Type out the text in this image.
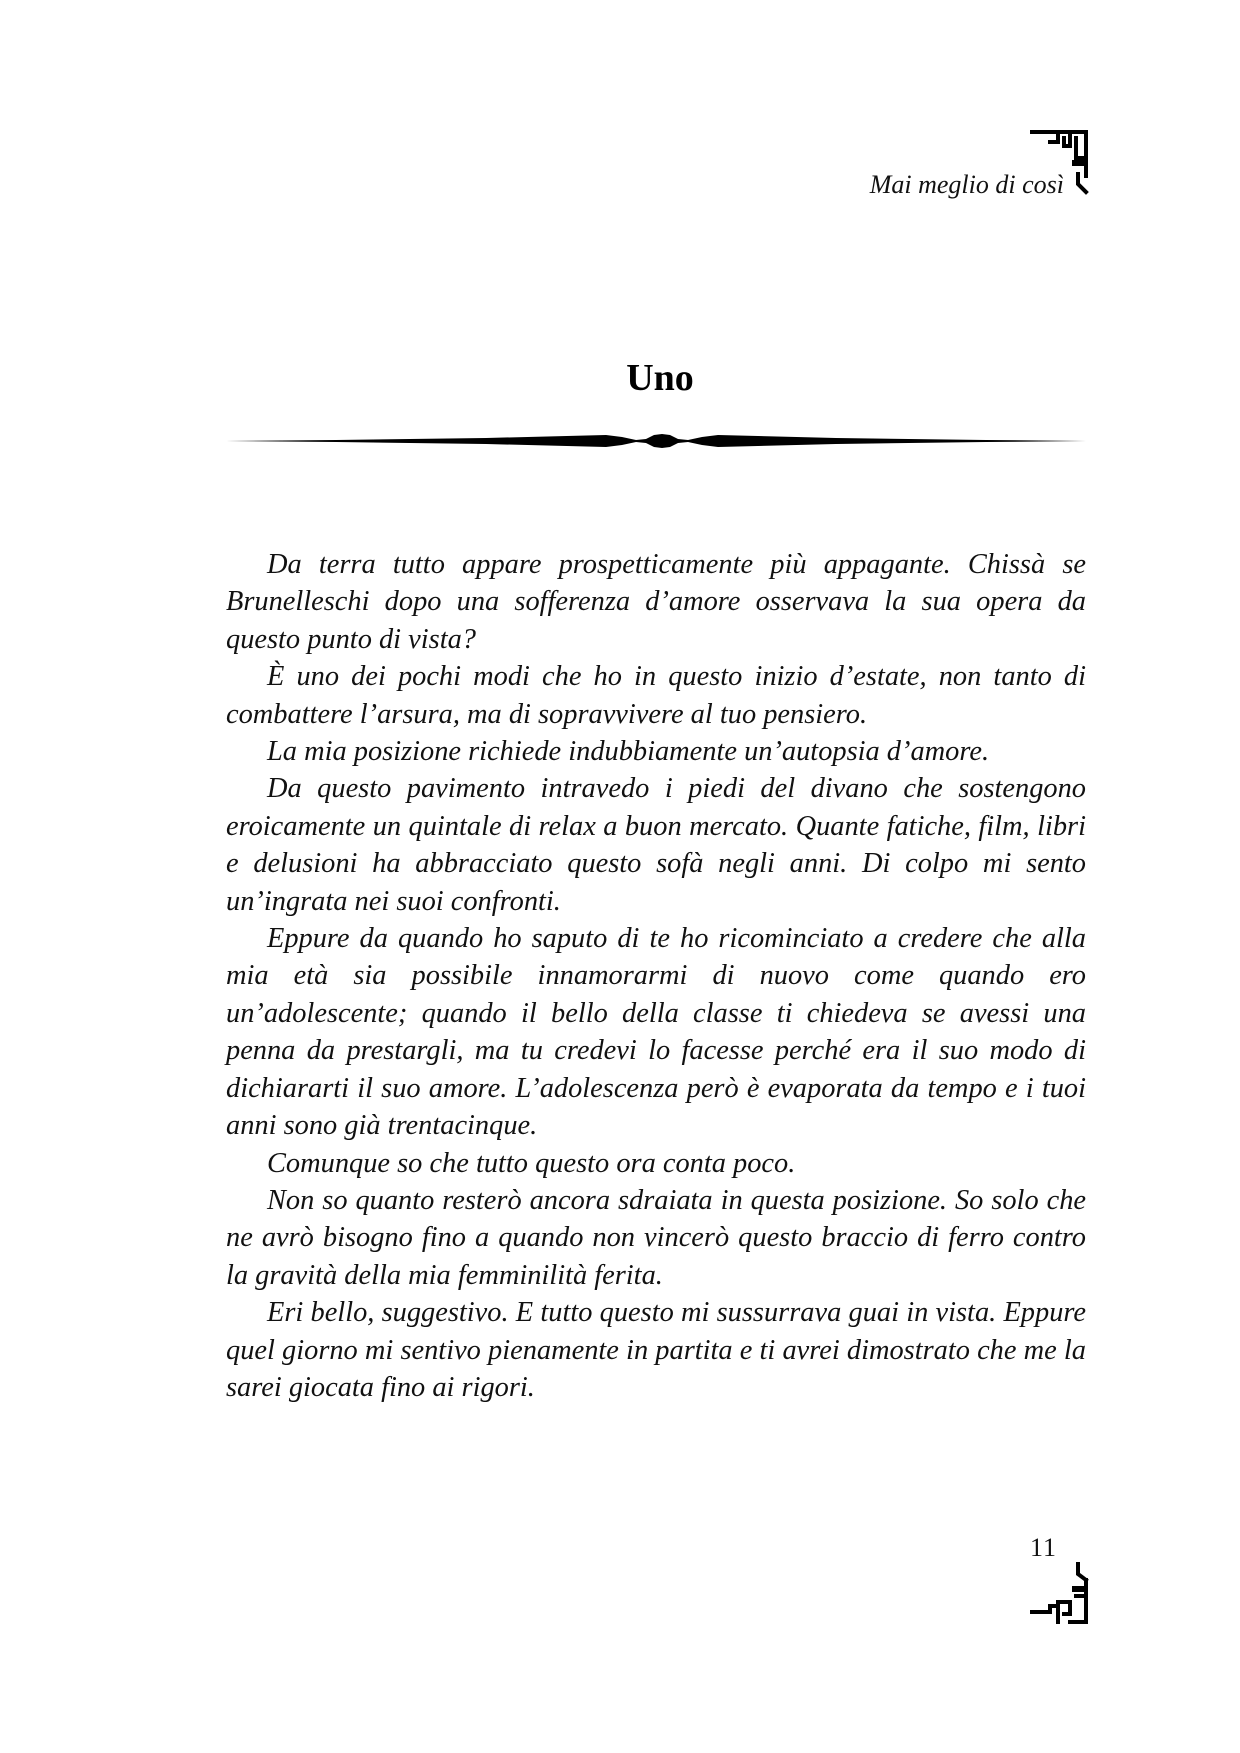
Mai meglio di così
Uno

Da terra tutto appare prospetticamente più appagante. Chissà se Brunelleschi dopo una sofferenza d’amore osservava la sua opera da questo punto di vista?

È uno dei pochi modi che ho in questo inizio d’estate, non tanto di combattere l’arsura, ma di sopravvivere al tuo pensiero.

La mia posizione richiede indubbiamente un’autopsia d’amore.

Da questo pavimento intravedo i piedi del divano che sostengono eroicamente un quintale di relax a buon mercato. Quante fatiche, film, libri e delusioni ha abbracciato questo sofà negli anni. Di colpo mi sento un’ingrata nei suoi confronti.

Eppure da quando ho saputo di te ho ricominciato a credere che alla mia età sia possibile innamorarmi di nuovo come quando ero un’adolescente; quando il bello della classe ti chiedeva se avessi una penna da prestargli, ma tu credevi lo facesse perché era il suo modo di dichiararti il suo amore. L’adolescenza però è evaporata da tempo e i tuoi anni sono già trentacinque.

Comunque so che tutto questo ora conta poco.

Non so quanto resterò ancora sdraiata in questa posizione. So solo che ne avrò bisogno fino a quando non vincerò questo braccio di ferro contro la gravità della mia femminilità ferita.

Eri bello, suggestivo. E tutto questo mi sussurrava guai in vista. Eppure quel giorno mi sentivo pienamente in partita e ti avrei dimostrato che me la sarei giocata fino ai rigori.

11
